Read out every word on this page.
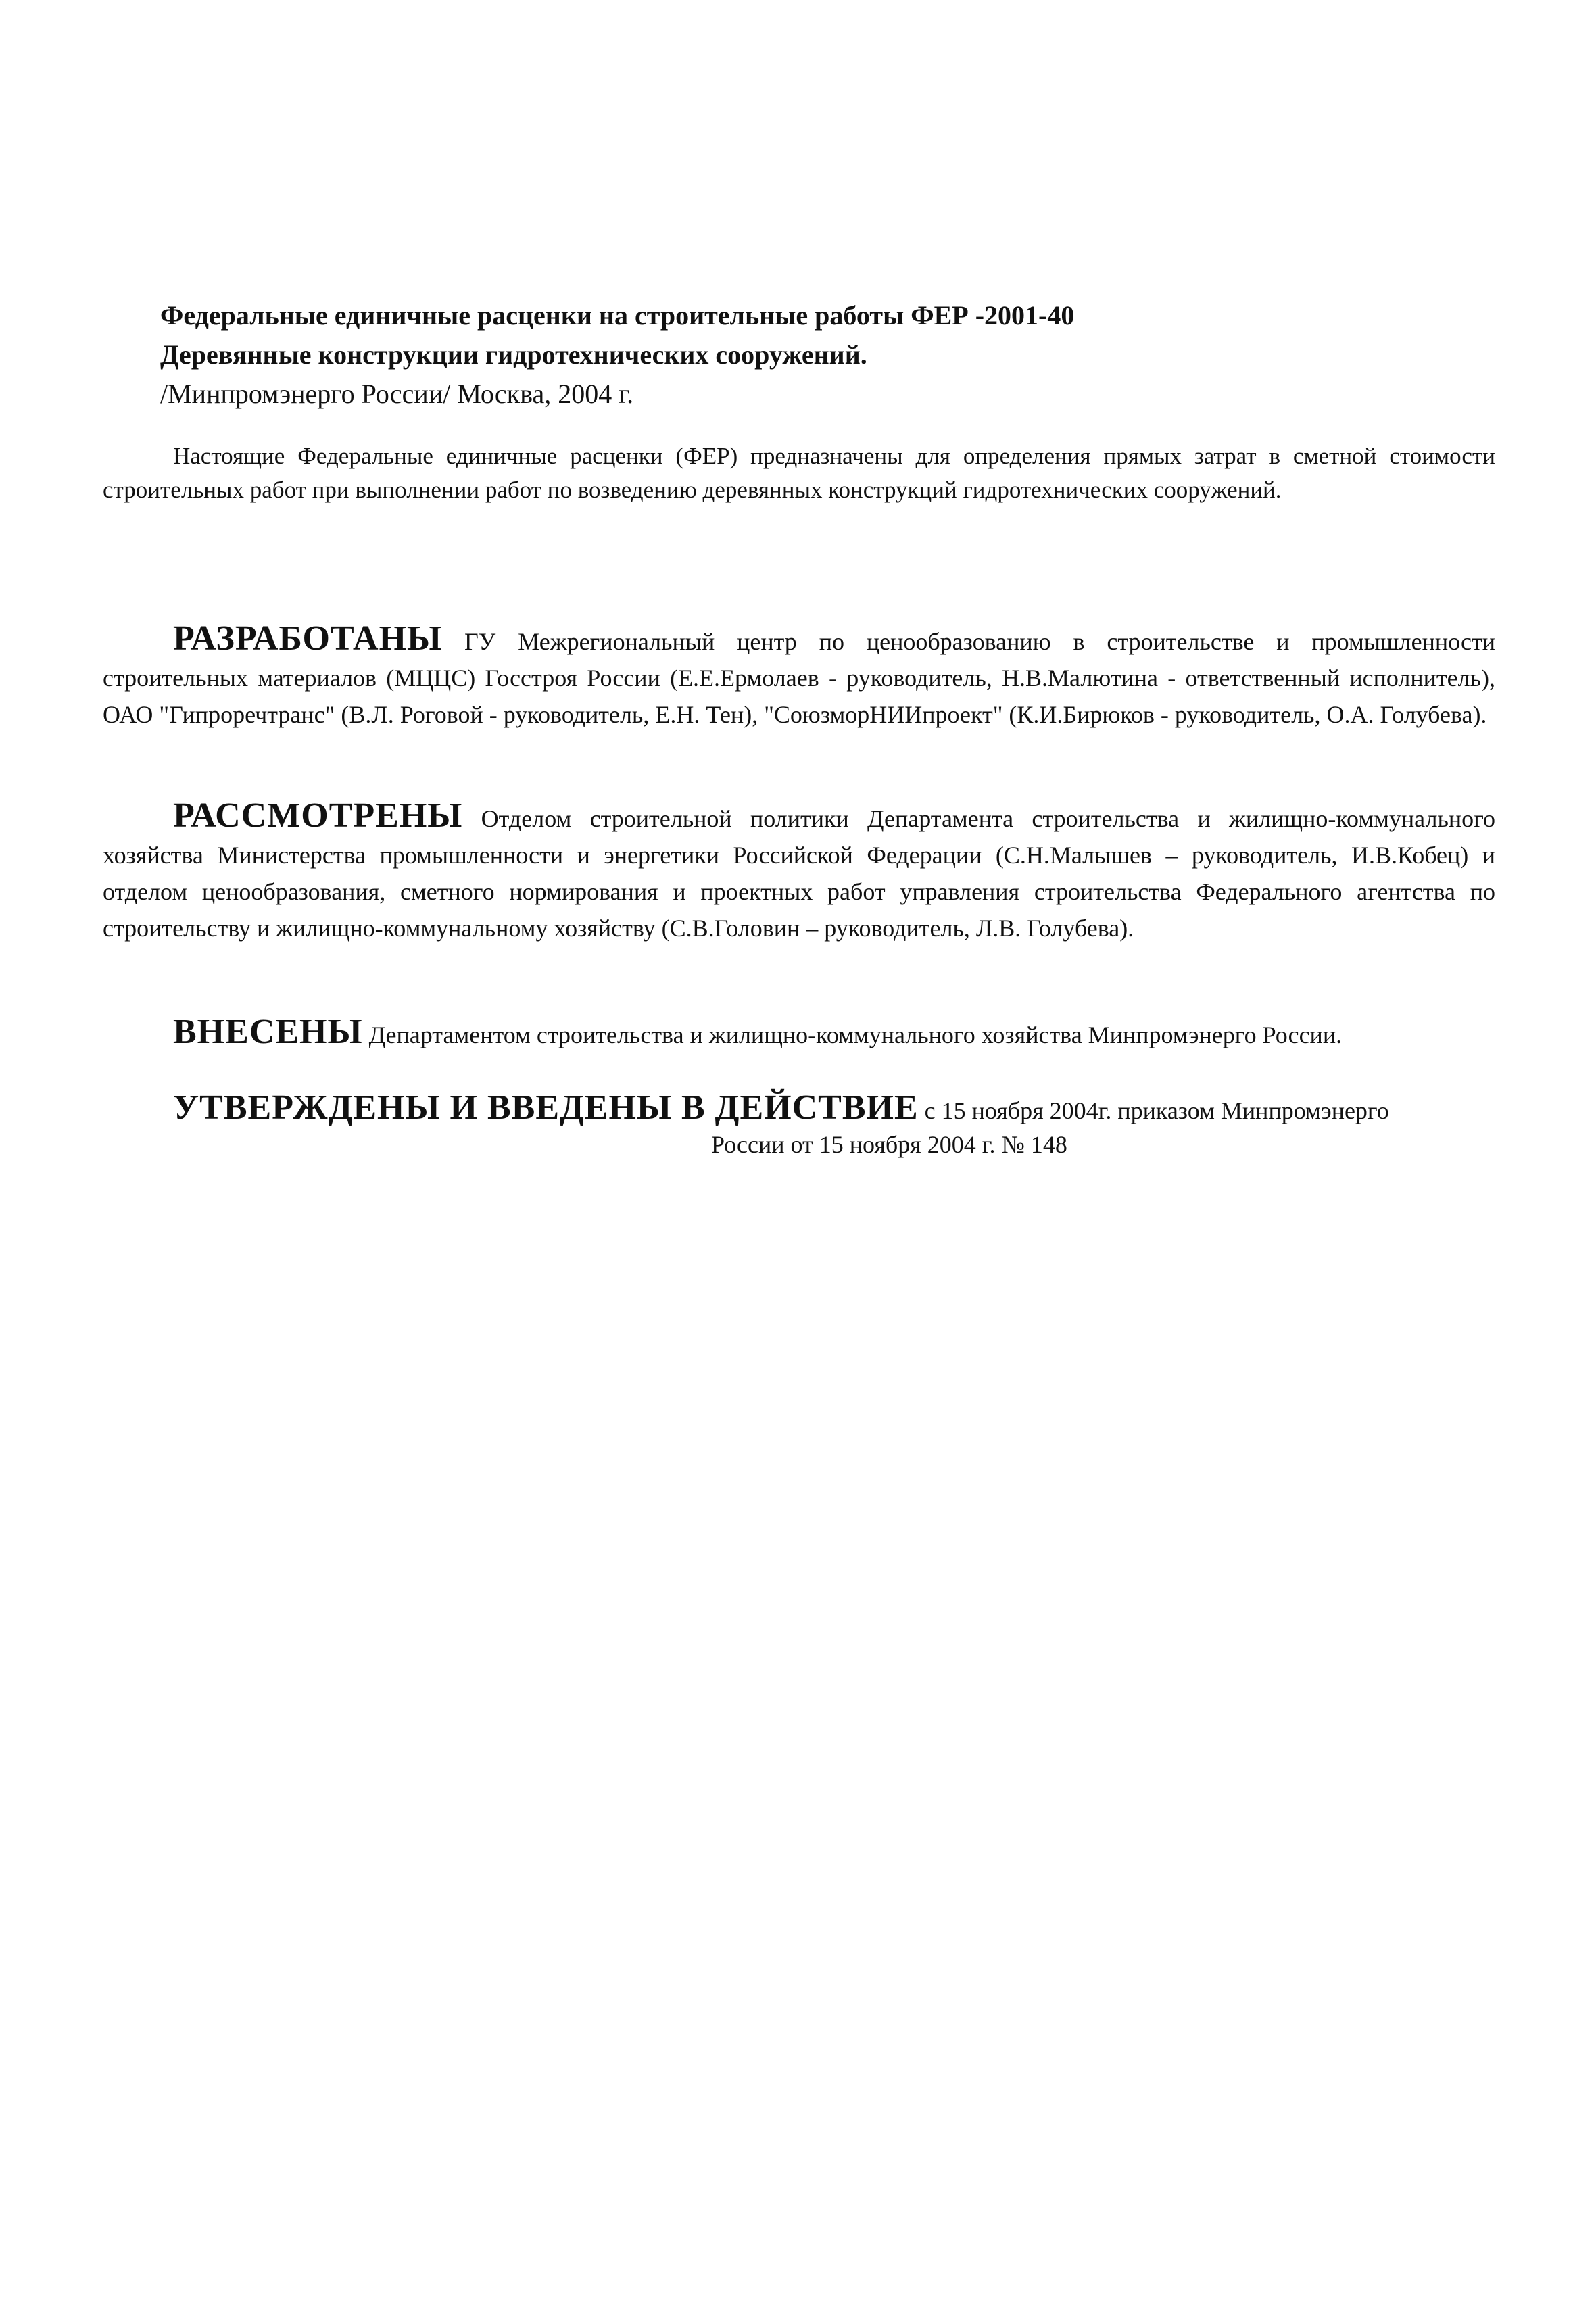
Федеральные единичные расценки на строительные работы ФЕР -2001-40
Деревянные конструкции гидротехнических сооружений.
/Минпромэнерго России/ Москва, 2004 г.
Настоящие Федеральные единичные расценки (ФЕР) предназначены для определения прямых затрат в сметной стоимости строительных работ при выполнении работ по возведению деревянных конструкций гидротехнических сооружений.
РАЗРАБОТАНЫ ГУ Межрегиональный центр по ценообразованию в строительстве и промышленности строительных материалов (МЦЦС) Госстроя России (Е.Е.Ермолаев - руководитель, Н.В.Малютина - ответственный исполнитель), ОАО "Гипроречтранс" (В.Л. Роговой - руководитель, Е.Н. Тен), "СоюзморНИИпроект" (К.И.Бирюков - руководитель, О.А. Голубева).
РАССМОТРЕНЫ Отделом строительной политики Департамента строительства и жилищно-коммунального хозяйства Министерства промышленности и энергетики Российской Федерации (С.Н.Малышев – руководитель, И.В.Кобец) и отделом ценообразования, сметного нормирования и проектных работ управления строительства Федерального агентства по строительству и жилищно-коммунальному хозяйству (С.В.Головин – руководитель, Л.В. Голубева).
ВНЕСЕНЫ Департаментом строительства и жилищно-коммунального хозяйства Минпромэнерго России.
УТВЕРЖДЕНЫ И ВВЕДЕНЫ В ДЕЙСТВИЕ с 15 ноября 2004г. приказом Минпромэнерго
России от 15 ноября 2004 г. № 148
